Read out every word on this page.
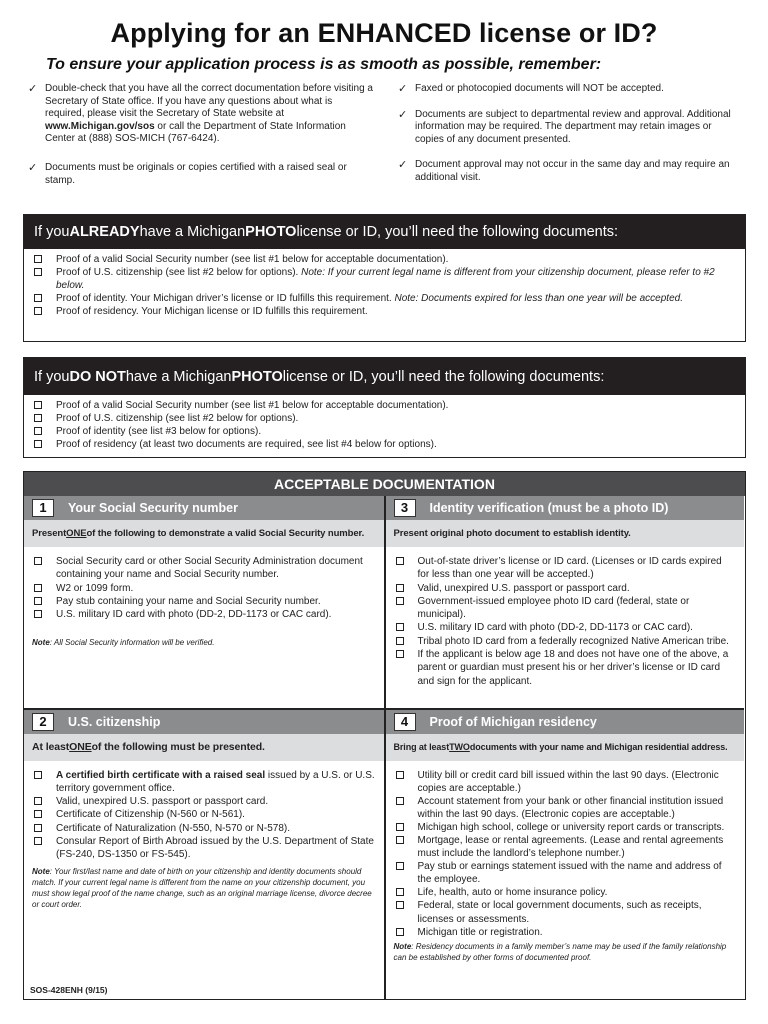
Applying for an ENHANCED license or ID?
To ensure your application process is as smooth as possible, remember:
✓ Double-check that you have all the correct documentation before visiting a Secretary of State office. If you have any questions about what is required, please visit the Secretary of State website at www.Michigan.gov/sos or call the Department of State Information Center at (888) SOS-MICH (767-6424).
✓ Documents must be originals or copies certified with a raised seal or stamp.
✓ Faxed or photocopied documents will NOT be accepted.
✓ Documents are subject to departmental review and approval. Additional information may be required. The department may retain images or copies of any document presented.
✓ Document approval may not occur in the same day and may require an additional visit.
If you ALREADY have a Michigan PHOTO license or ID, you’ll need the following documents:
Proof of a valid Social Security number (see list #1 below for acceptable documentation).
Proof of U.S. citizenship (see list #2 below for options). Note: If your current legal name is different from your citizenship document, please refer to #2 below.
Proof of identity. Your Michigan driver’s license or ID fulfills this requirement. Note: Documents expired for less than one year will be accepted.
Proof of residency. Your Michigan license or ID fulfills this requirement.
If you DO NOT have a Michigan PHOTO license or ID, you’ll need the following documents:
Proof of a valid Social Security number (see list #1 below for acceptable documentation).
Proof of U.S. citizenship (see list #2 below for options).
Proof of identity (see list #3 below for options).
Proof of residency (at least two documents are required, see list #4 below for options).
ACCEPTABLE DOCUMENTATION
1	Your Social Security number
Present ONE of the following to demonstrate a valid Social Security number.
Social Security card or other Social Security Administration document containing your name and Social Security number.
W2 or 1099 form.
Pay stub containing your name and Social Security number.
U.S. military ID card with photo (DD-2, DD-1173 or CAC card).
Note: All Social Security information will be verified.
3	Identity verification (must be a photo ID)
Present original photo document to establish identity.
Out-of-state driver’s license or ID card. (Licenses or ID cards expired for less than one year will be accepted.)
Valid, unexpired U.S. passport or passport card.
Government-issued employee photo ID card (federal, state or municipal).
U.S. military ID card with photo (DD-2, DD-1173 or CAC card).
Tribal photo ID card from a federally recognized Native American tribe.
If the applicant is below age 18 and does not have one of the above, a parent or guardian must present his or her driver’s license or ID card and sign for the applicant.
2	U.S. citizenship
At least ONE of the following must be presented.
A certified birth certificate with a raised seal issued by a U.S. or U.S. territory government office.
Valid, unexpired U.S. passport or passport card.
Certificate of Citizenship (N-560 or N-561).
Certificate of Naturalization (N-550, N-570 or N-578).
Consular Report of Birth Abroad issued by the U.S. Department of State (FS-240, DS-1350 or FS-545).
Note: Your first/last name and date of birth on your citizenship and identity documents should match. If your current legal name is different from the name on your citizenship document, you must show legal proof of the name change, such as an original marriage license, divorce decree or court order.
4	Proof of Michigan residency
Bring at least TWO documents with your name and Michigan residential address.
Utility bill or credit card bill issued within the last 90 days. (Electronic copies are acceptable.)
Account statement from your bank or other financial institution issued within the last 90 days. (Electronic copies are acceptable.)
Michigan high school, college or university report cards or transcripts.
Mortgage, lease or rental agreements. (Lease and rental agreements must include the landlord’s telephone number.)
Pay stub or earnings statement issued with the name and address of the employee.
Life, health, auto or home insurance policy.
Federal, state or local government documents, such as receipts, licenses or assessments.
Michigan title or registration.
Note: Residency documents in a family member’s name may be used if the family relationship can be established by other forms of documented proof.
SOS-428ENH (9/15)
